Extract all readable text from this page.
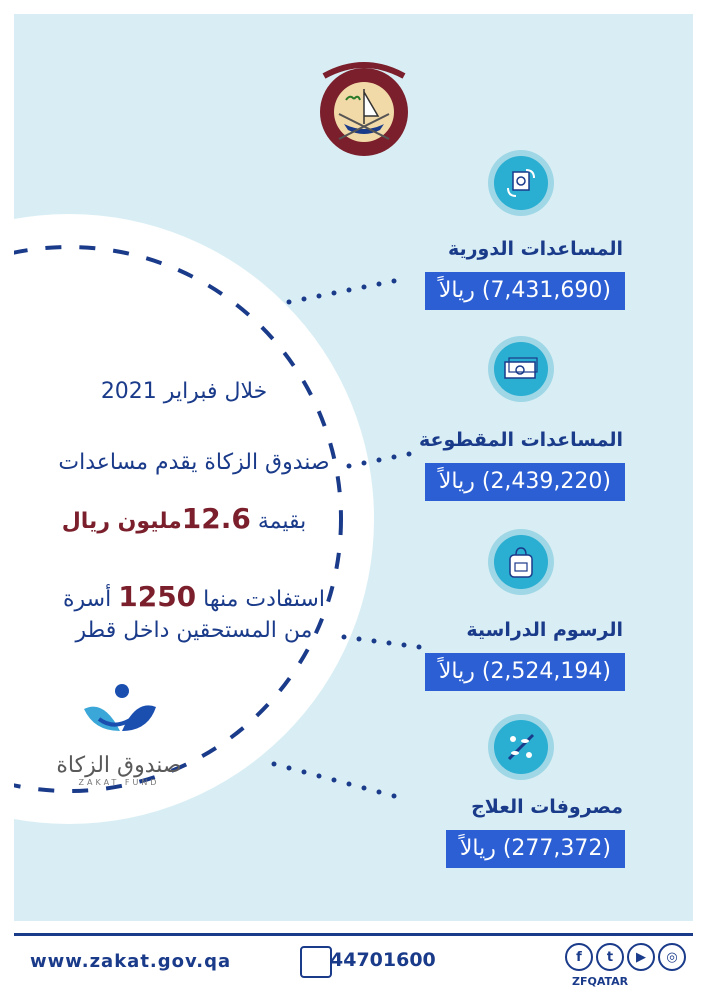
المساعدات الدورية
(7,431,690) ريالاً
المساعدات المقطوعة
(2,439,220) ريالاً
الرسوم الدراسية
(2,524,194) ريالاً
مصروفات العلاج
(277,372) ريالاً
خلال فبراير 2021
صندوق الزكاة يقدم مساعدات
بقيمة 12.6مليون ريال
استفادت منها 1250 أسرة
من المستحقين داخل قطر
صندوق الزكاة
ZAKAT FUND
www.zakat.gov.qa	44701600	f	t	▶	◎
ZFQATAR
